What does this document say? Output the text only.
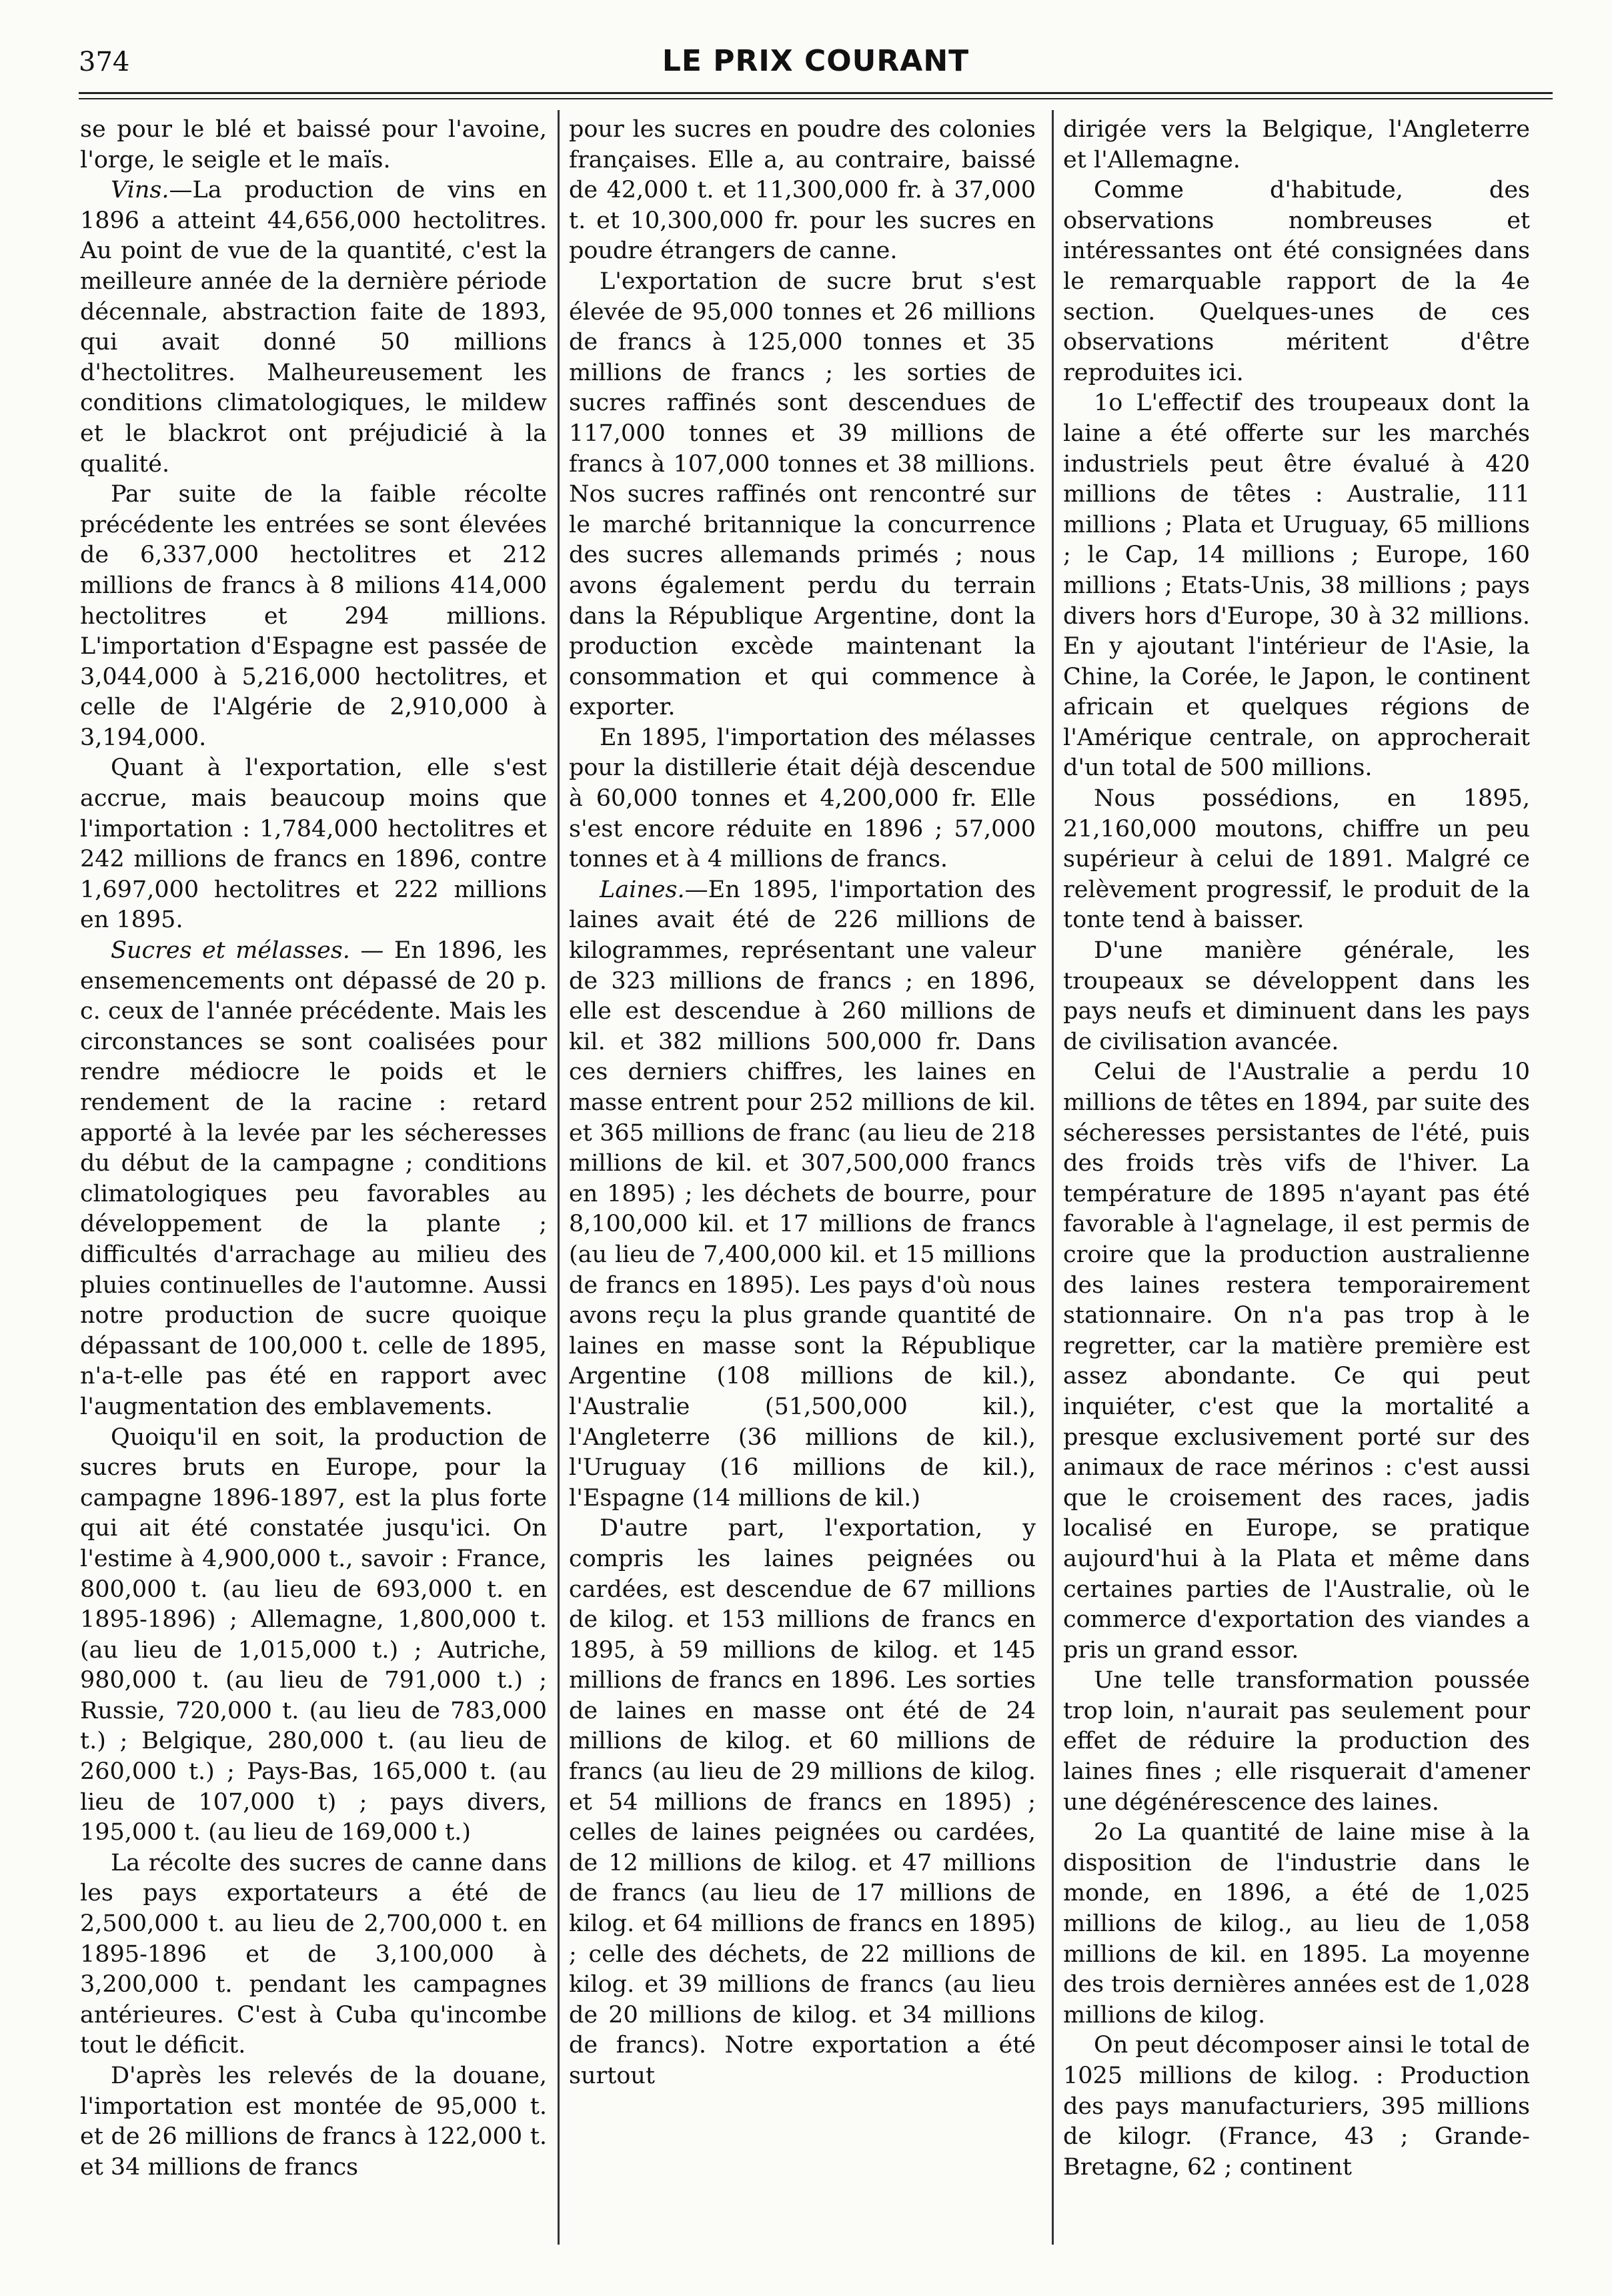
374	LE PRIX COURANT

se pour le blé et baissé pour l'avoine, l'orge, le seigle et le maïs.

Vins.—La production de vins en 1896 a atteint 44,656,000 hectolitres. Au point de vue de la quantité, c'est la meilleure année de la dernière période décennale, abstraction faite de 1893, qui avait donné 50 millions d'hectolitres. Malheureusement les conditions climatologiques, le mildew et le blackrot ont préjudicié à la qualité.

Par suite de la faible récolte précédente les entrées se sont élevées de 6,337,000 hectolitres et 212 millions de francs à 8 milions 414,000 hectolitres et 294 millions. L'importation d'Espagne est passée de 3,044,000 à 5,216,000 hectolitres, et celle de l'Algérie de 2,910,000 à 3,194,000.

Quant à l'exportation, elle s'est accrue, mais beaucoup moins que l'importation : 1,784,000 hectolitres et 242 millions de francs en 1896, contre 1,697,000 hectolitres et 222 millions en 1895.

Sucres et mélasses. — En 1896, les ensemencements ont dépassé de 20 p. c. ceux de l'année précédente. Mais les circonstances se sont coalisées pour rendre médiocre le poids et le rendement de la racine : retard apporté à la levée par les sécheresses du début de la campagne ; conditions climatologiques peu favorables au développement de la plante ; difficultés d'arrachage au milieu des pluies continuelles de l'automne. Aussi notre production de sucre quoique dépassant de 100,000 t. celle de 1895, n'a-t-elle pas été en rapport avec l'augmentation des emblavements.

Quoiqu'il en soit, la production de sucres bruts en Europe, pour la campagne 1896-1897, est la plus forte qui ait été constatée jusqu'ici. On l'estime à 4,900,000 t., savoir : France, 800,000 t. (au lieu de 693,000 t. en 1895-1896) ; Allemagne, 1,800,000 t. (au lieu de 1,015,000 t.) ; Autriche, 980,000 t. (au lieu de 791,000 t.) ; Russie, 720,000 t. (au lieu de 783,000 t.) ; Belgique, 280,000 t. (au lieu de 260,000 t.) ; Pays-Bas, 165,000 t. (au lieu de 107,000 t) ; pays divers, 195,000 t. (au lieu de 169,000 t.)

La récolte des sucres de canne dans les pays exportateurs a été de 2,500,000 t. au lieu de 2,700,000 t. en 1895-1896 et de 3,100,000 à 3,200,000 t. pendant les campagnes antérieures. C'est à Cuba qu'incombe tout le déficit.

D'après les relevés de la douane, l'importation est montée de 95,000 t. et de 26 millions de francs à 122,000 t. et 34 millions de francs

pour les sucres en poudre des colonies françaises. Elle a, au contraire, baissé de 42,000 t. et 11,300,000 fr. à 37,000 t. et 10,300,000 fr. pour les sucres en poudre étrangers de canne.

L'exportation de sucre brut s'est élevée de 95,000 tonnes et 26 millions de francs à 125,000 tonnes et 35 millions de francs ; les sorties de sucres raffinés sont descendues de 117,000 tonnes et 39 millions de francs à 107,000 tonnes et 38 millions. Nos sucres raffinés ont rencontré sur le marché britannique la concurrence des sucres allemands primés ; nous avons également perdu du terrain dans la République Argentine, dont la production excède maintenant la consommation et qui commence à exporter.

En 1895, l'importation des mélasses pour la distillerie était déjà descendue à 60,000 tonnes et 4,200,000 fr. Elle s'est encore réduite en 1896 ; 57,000 tonnes et à 4 millions de francs.

Laines.—En 1895, l'importation des laines avait été de 226 millions de kilogrammes, représentant une valeur de 323 millions de francs ; en 1896, elle est descendue à 260 millions de kil. et 382 millions 500,000 fr. Dans ces derniers chiffres, les laines en masse entrent pour 252 millions de kil. et 365 millions de franc (au lieu de 218 millions de kil. et 307,500,000 francs en 1895) ; les déchets de bourre, pour 8,100,000 kil. et 17 millions de francs (au lieu de 7,400,000 kil. et 15 millions de francs en 1895). Les pays d'où nous avons reçu la plus grande quantité de laines en masse sont la République Argentine (108 millions de kil.), l'Australie (51,500,000 kil.), l'Angleterre (36 millions de kil.), l'Uruguay (16 millions de kil.), l'Espagne (14 millions de kil.)

D'autre part, l'exportation, y compris les laines peignées ou cardées, est descendue de 67 millions de kilog. et 153 millions de francs en 1895, à 59 millions de kilog. et 145 millions de francs en 1896. Les sorties de laines en masse ont été de 24 millions de kilog. et 60 millions de francs (au lieu de 29 millions de kilog. et 54 millions de francs en 1895) ; celles de laines peignées ou cardées, de 12 millions de kilog. et 47 millions de francs (au lieu de 17 millions de kilog. et 64 millions de francs en 1895) ; celle des déchets, de 22 millions de kilog. et 39 millions de francs (au lieu de 20 millions de kilog. et 34 millions de francs). Notre exportation a été surtout

dirigée vers la Belgique, l'Angleterre et l'Allemagne.

Comme d'habitude, des observations nombreuses et intéressantes ont été consignées dans le remarquable rapport de la 4e section. Quelques-unes de ces observations méritent d'être reproduites ici.

1o L'effectif des troupeaux dont la laine a été offerte sur les marchés industriels peut être évalué à 420 millions de têtes : Australie, 111 millions ; Plata et Uruguay, 65 millions ; le Cap, 14 millions ; Europe, 160 millions ; Etats-Unis, 38 millions ; pays divers hors d'Europe, 30 à 32 millions. En y ajoutant l'intérieur de l'Asie, la Chine, la Corée, le Japon, le continent africain et quelques régions de l'Amérique centrale, on approcherait d'un total de 500 millions.

Nous possédions, en 1895, 21,160,000 moutons, chiffre un peu supérieur à celui de 1891. Malgré ce relèvement progressif, le produit de la tonte tend à baisser.

D'une manière générale, les troupeaux se développent dans les pays neufs et diminuent dans les pays de civilisation avancée.

Celui de l'Australie a perdu 10 millions de têtes en 1894, par suite des sécheresses persistantes de l'été, puis des froids très vifs de l'hiver. La température de 1895 n'ayant pas été favorable à l'agnelage, il est permis de croire que la production australienne des laines restera temporairement stationnaire. On n'a pas trop à le regretter, car la matière première est assez abondante. Ce qui peut inquiéter, c'est que la mortalité a presque exclusivement porté sur des animaux de race mérinos : c'est aussi que le croisement des races, jadis localisé en Europe, se pratique aujourd'hui à la Plata et même dans certaines parties de l'Australie, où le commerce d'exportation des viandes a pris un grand essor.

Une telle transformation poussée trop loin, n'aurait pas seulement pour effet de réduire la production des laines fines ; elle risquerait d'amener une dégénérescence des laines.

2o La quantité de laine mise à la disposition de l'industrie dans le monde, en 1896, a été de 1,025 millions de kilog., au lieu de 1,058 millions de kil. en 1895. La moyenne des trois dernières années est de 1,028 millions de kilog.

On peut décomposer ainsi le total de 1025 millions de kilog. : Production des pays manufacturiers, 395 millions de kilogr. (France, 43 ; Grande-Bretagne, 62 ; continent
